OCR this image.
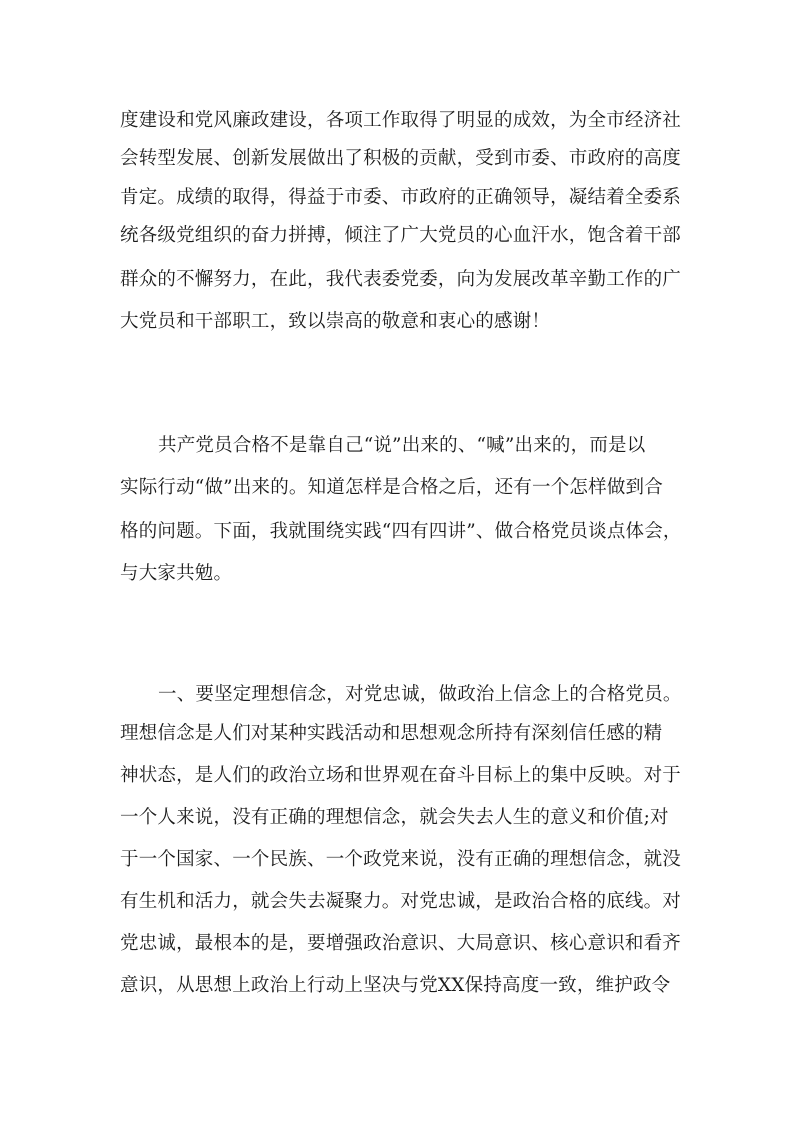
度建设和党风廉政建设，各项工作取得了明显的成效，为全市经济社
会转型发展、创新发展做出了积极的贡献，受到市委、市政府的高度
肯定。成绩的取得，得益于市委、市政府的正确领导，凝结着全委系
统各级党组织的奋力拼搏，倾注了广大党员的心血汗水，饱含着干部
群众的不懈努力，在此，我代表委党委，向为发展改革辛勤工作的广
大党员和干部职工，致以崇高的敬意和衷心的感谢！
共产党员合格不是靠自己“说”出来的、“喊”出来的，而是以
实际行动“做”出来的。知道怎样是合格之后，还有一个怎样做到合
格的问题。下面，我就围绕实践“四有四讲”、做合格党员谈点体会，
与大家共勉。
一、要坚定理想信念，对党忠诚，做政治上信念上的合格党员。
理想信念是人们对某种实践活动和思想观念所持有深刻信任感的精
神状态，是人们的政治立场和世界观在奋斗目标上的集中反映。对于
一个人来说，没有正确的理想信念，就会失去人生的意义和价值;对
于一个国家、一个民族、一个政党来说，没有正确的理想信念，就没
有生机和活力，就会失去凝聚力。对党忠诚，是政治合格的底线。对
党忠诚，最根本的是，要增强政治意识、大局意识、核心意识和看齐
意识，从思想上政治上行动上坚决与党XX保持高度一致，维护政令
